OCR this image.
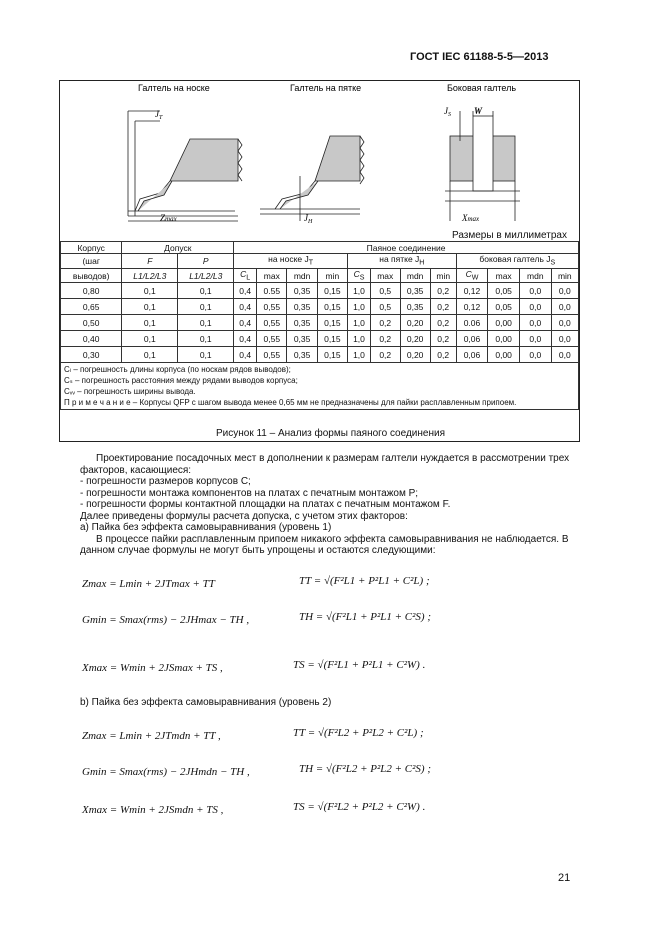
ГОСТ IEC 61188-5-5—2013
Галтель на носке	Галтель на пятке	Боковая галтель
$J_T$
Zmax	$J_H$
$J_S$	W
Xmax
Размеры в миллиметрах
Корпус	Допуск		Паяное соединение											
(шаг	F	P	на носке $J_T$				на пятке $J_H$				боковая галтель $J_S$
выводов)	L1/L2/L3	L1/L2/L3	$C_L$	max	mdn	min	$C_S$	max	mdn	min	$C_W$	max	mdn	min
0,80	0,1	0,1	0,4	0.55	0,35	0,15	1,0	0,5	0,35	0,2	0,12	0,05	0,0	0,0
0,65	0,1	0,1	0,4	0,55	0,35	0,15	1,0	0,5	0,35	0,2	0,12	0,05	0,0	0,0
0,50	0,1	0,1	0,4	0,55	0,35	0,15	1,0	0,2	0,20	0,2	0.06	0,00	0,0	0,0
0,40	0,1	0,1	0,4	0,55	0,35	0,15	1,0	0,2	0,20	0,2	0,06	0,00	0,0	0,0
0,30	0,1	0,1	0,4	0,55	0,35	0,15	1,0	0,2	0,20	0,2	0,06	0,00	0,0	0,0

Cₗ – погрешность длины корпуса (по носкам рядов выводов);
Cₛ – погрешность расстояния между рядами выводов корпуса;
Cᵥᵥ – погрешность ширины вывода.
П р и м е ч а н и е – Корпусы QFP с шагом вывода менее 0,65 мм не предназначены для пайки расплавленным припоем.														
Рисунок 11 – Анализ формы паяного соединения

Проектирование посадочных мест в дополнении к размерам галтели нуждается в рассмотрении трех факторов, касающиеся:

- погрешности размеров корпусов С;

- погрешности монтажа компонентов на платах с печатным монтажом P;

- погрешности формы контактной площадки на платах с печатным монтажом F.

Далее приведены формулы расчета допуска, с учетом этих факторов:

a) Пайка без эффекта самовыравнивания (уровень 1)

В процессе пайки расплавленным припоем никакого эффекта самовыравнивания не наблюдается. В данном случае формулы не могут быть упрощены и остаются следующими:

Zmax = Lmin + 2JTmax + TT	TT = √(F²L1 + P²L1 + C²L) ;
Gmin = Smax(rms) − 2JHmax − TH ,	TH = √(F²L1 + P²L1 + C²S) ;
Xmax = Wmin + 2JSmax + TS ,	TS = √(F²L1 + P²L1 + C²W) .
b) Пайка без эффекта самовыравнивания (уровень 2)
Zmax = Lmin + 2JTmdn + TT ,	TT = √(F²L2 + P²L2 + C²L) ;
Gmin = Smax(rms) − 2JHmdn − TH ,	TH = √(F²L2 + P²L2 + C²S) ;
Xmax = Wmin + 2JSmdn + TS ,	TS = √(F²L2 + P²L2 + C²W) .
21
